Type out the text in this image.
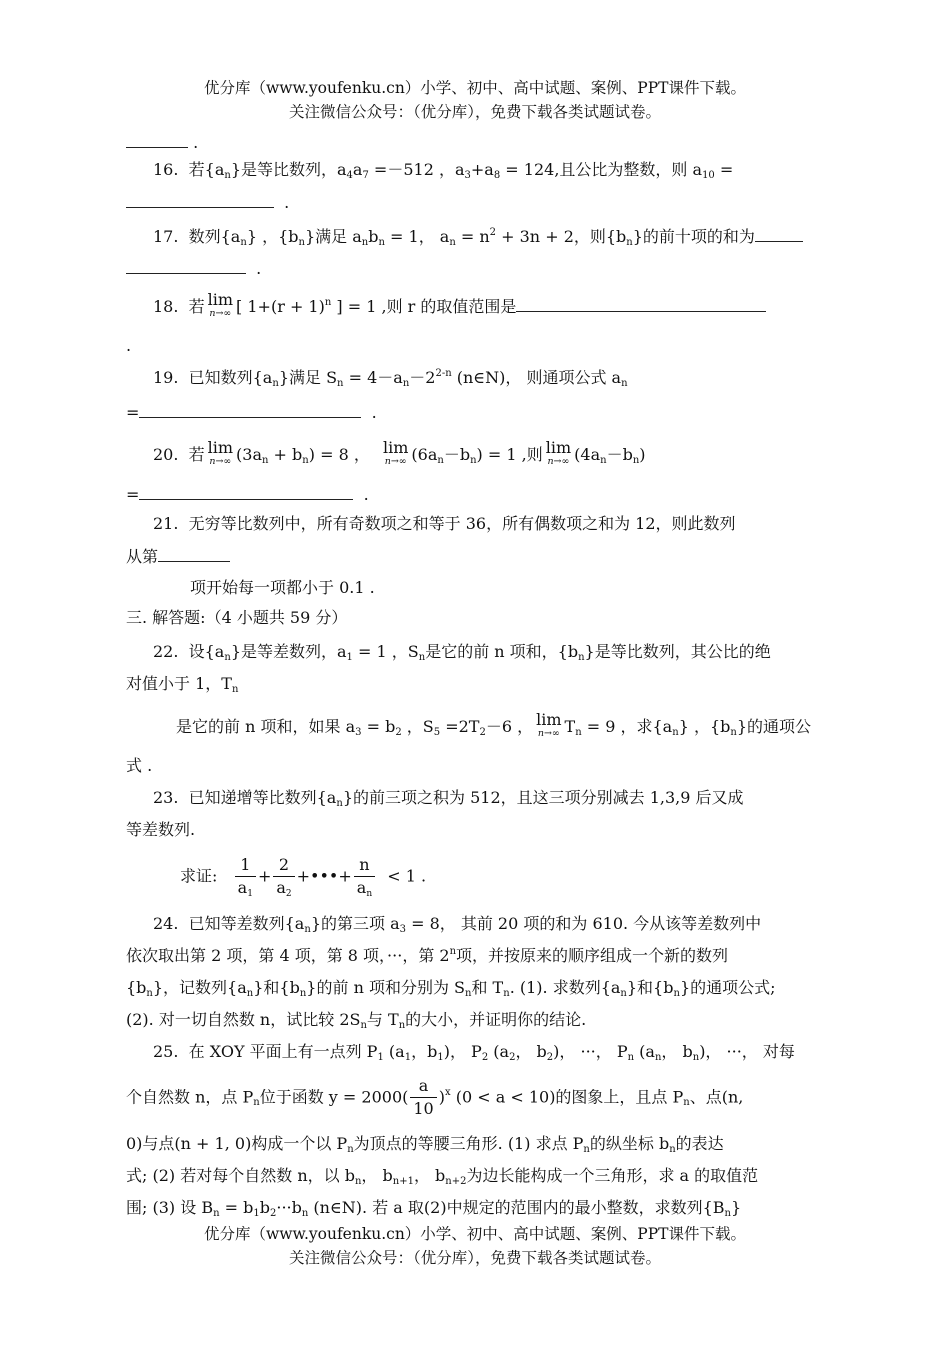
优分库（www.youfenku.cn）小学、初中、高中试题、案例、PPT课件下载。
关注微信公众号：（优分库），免费下载各类试题试卷。
.
16. 若$\{a_n\}$是等比数列，$a_4a_7 =-512$ ，$a_3+a_8 = 124$,且公比为整数，则 $a_{10}$ =
.
17. 数列$\{a_n\}$ ，$\{b_n\}$满足 $a_nb_n = 1$， $a_n = n^2 + 3n + 2$，则$\{b_n\}$的前十项的和为
.
18. 若 lim
n→∞ [ $1+(r + 1)^n$ ] = 1 ,则 r 的取值范围是
.
19. 已知数列$\{a_n\}$满足 $S_n = 4-a_n-2^{2-n}$ (n∈N)， 则通项公式 $a_n$
=	.
20. 若 lim
n→∞ $(3a_n + b_n) = 8$ ， lim
n→∞ $(6a_n-b_n) = 1$ ,则 lim
n→∞ $(4a_n-b_n)$
=	.
21. 无穷等比数列中，所有奇数项之和等于 36，所有偶数项之和为 12，则此数列
从第
项开始每一项都小于 0.1 .
三. 解答题:（4 小题共 59 分）
22. 设$\{a_n\}$是等差数列，$a_1 = 1$ ，$S_n$是它的前 n 项和，$\{b_n\}$是等比数列，其公比的绝
对值小于 1，$T_n$
是它的前 n 项和，如果 $a_3 = b_2$ ，$S_5 =2T_2-6$ ， lim
n→∞ $T_n = 9$ ，求$\{a_n\}$ ，$\{b_n\}$的通项公
式 .
23. 已知递增等比数列$\{a_n\}$的前三项之积为 512，且这三项分别减去 1,3,9 后又成
等差数列.
求证: $\frac{1}{a_1} + \frac{2}{a_2}$ +•••+ $\frac{n}{a_n} < 1$ .
24. 已知等差数列$\{a_n\}$的第三项 $a_3 = 8$， 其前 20 项的和为 610. 今从该等差数列中
依次取出第 2 项，第 4 项，第 8 项，···，第 2$^n$项，并按原来的顺序组成一个新的数列
$\{b_n\}$，记数列$\{a_n\}$和$\{b_n\}$的前 n 项和分别为 $S_n$和 $T_n$. (1). 求数列$\{a_n\}$和$\{b_n\}$的通项公式;
(2). 对一切自然数 n，试比较 $2S_n$与 $T_n$的大小，并证明你的结论.
25. 在 XOY 平面上有一点列 $P_1$ ($a_1$，$b_1$)， $P_2$ ($a_2$， $b_2$)， ···， $P_n$ ($a_n$， $b_n$)， ···， 对每
个自然数 n，点 $P_n$位于函数 $y = 2000( \frac{a}{10} )^x$ (0 < a < 10)的图象上，且点 $P_n$、点(n,
0)与点(n + 1, 0)构成一个以 $P_n$为顶点的等腰三角形. (1) 求点 $P_n$的纵坐标 $b_n$的表达
式; (2) 若对每个自然数 n，以 $b_n$， $b_{n+1}$， $b_{n+2}$为边长能构成一个三角形，求 a 的取值范
围; (3) 设 $B_n = b_1b_2\cdot\cdot\cdot b_n$ (n∈N). 若 a 取(2)中规定的范围内的最小整数，求数列$\{B_n\}$
优分库（www.youfenku.cn）小学、初中、高中试题、案例、PPT课件下载。
关注微信公众号：（优分库），免费下载各类试题试卷。
